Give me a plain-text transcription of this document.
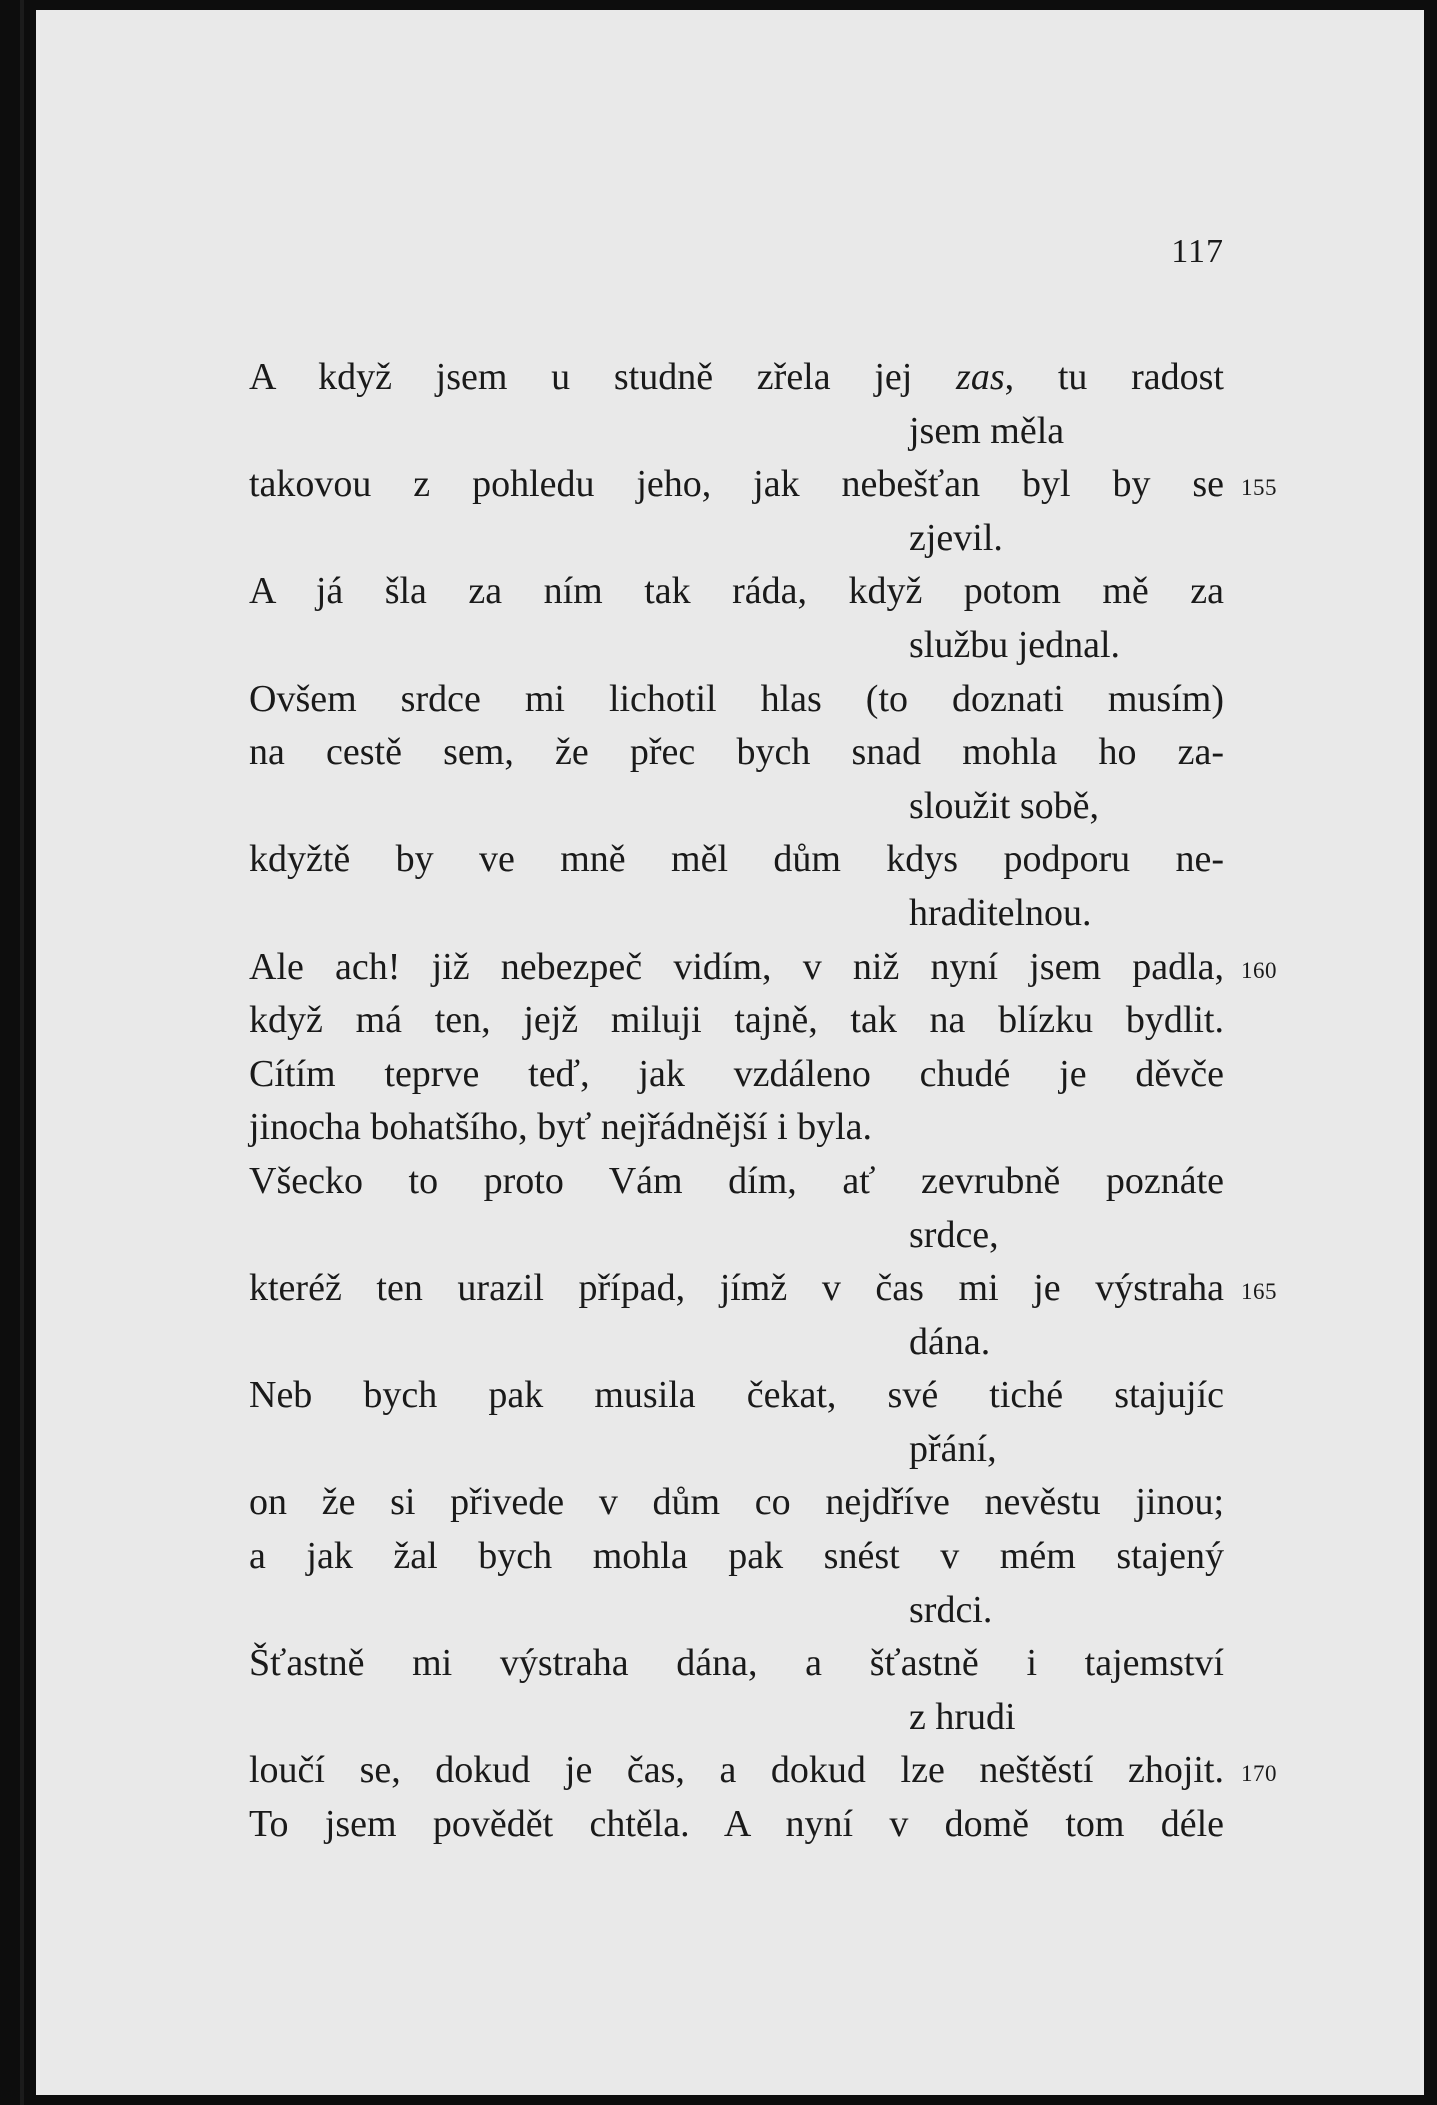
117
A když jsem u studně zřela jej zas, tu radost
jsem měla
takovou z pohledu jeho, jak nebešťan byl by se 155
zjevil.
A já šla za ním tak ráda, když potom mě za
službu jednal.
Ovšem srdce mi lichotil hlas (to doznati musím)
na cestě sem, že přec bych snad mohla ho za-
sloužit sobě,
kdyžtě by ve mně měl dům kdys podporu ne-
hraditelnou.
Ale ach! již nebezpeč vidím, v niž nyní jsem padla, 160
když má ten, jejž miluji tajně, tak na blízku bydlit.
Cítím teprve teď, jak vzdáleno chudé je děvče
jinocha bohatšího, byť nejřádnější i byla.
Všecko to proto Vám dím, ať zevrubně poznáte
srdce,
kteréž ten urazil případ, jímž v čas mi je výstraha 165
dána.
Neb bych pak musila čekat, své tiché stajujíc
přání,
on že si přivede v dům co nejdříve nevěstu jinou;
a jak žal bych mohla pak snést v mém stajený
srdci.
Šťastně mi výstraha dána, a šťastně i tajemství
z hrudi
loučí se, dokud je čas, a dokud lze neštěstí zhojit. 170
To jsem povědět chtěla. A nyní v domě tom déle
